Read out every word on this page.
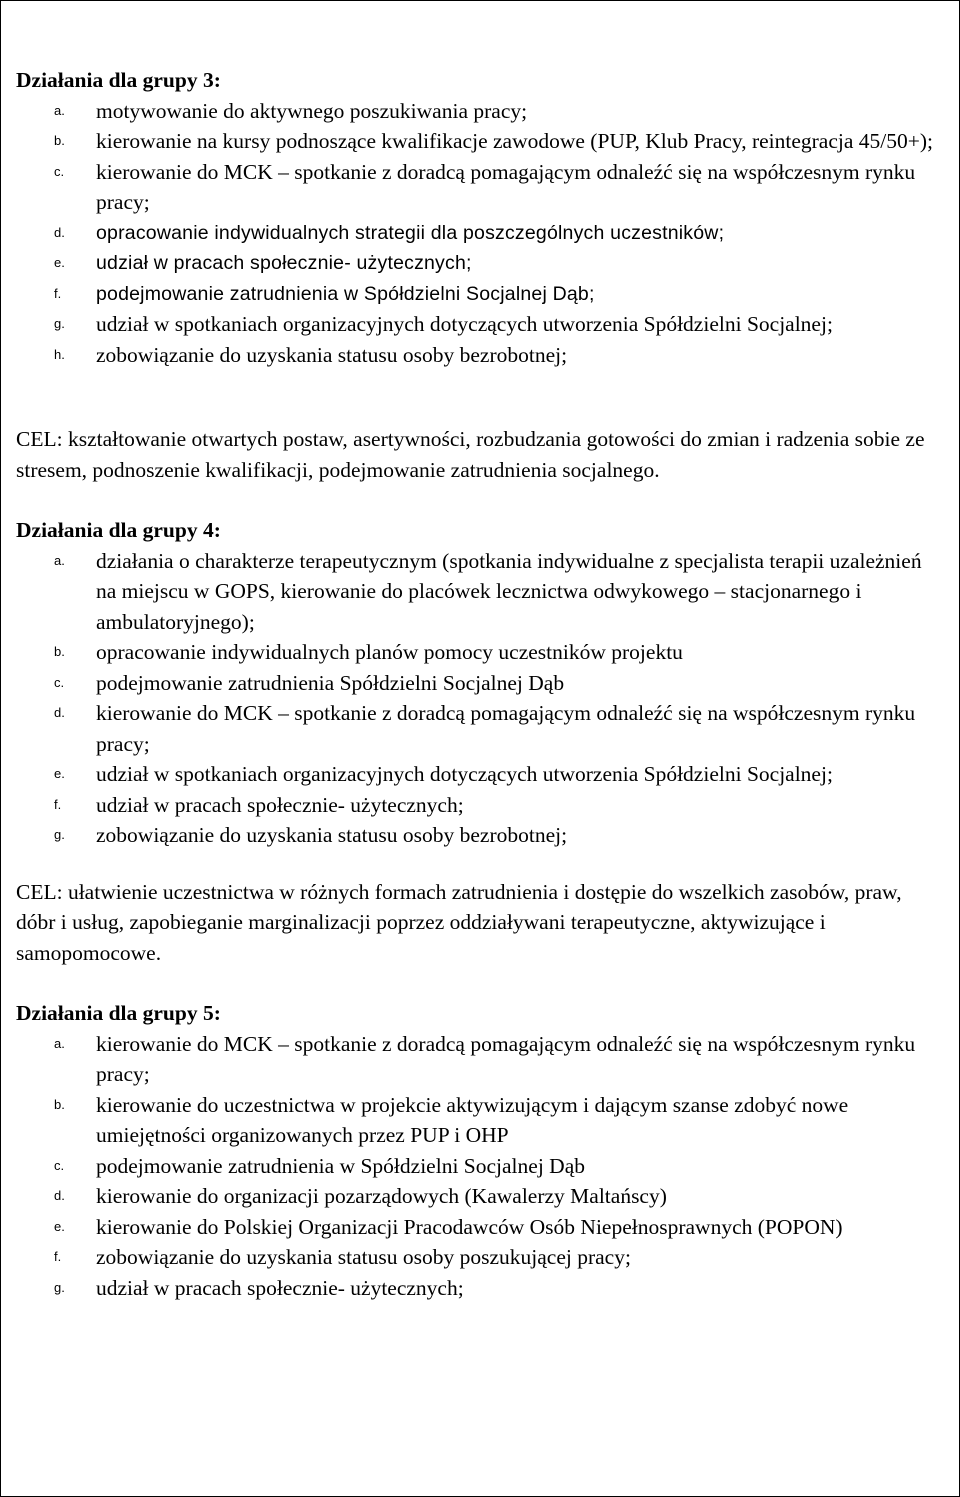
Działania dla grupy 3:

a.	motywowanie do aktywnego poszukiwania pracy;
b.	kierowanie na kursy podnoszące kwalifikacje zawodowe (PUP, Klub Pracy, reintegracja 45/50+);
c.	kierowanie do MCK – spotkanie z doradcą pomagającym odnaleźć się na współczesnym rynku pracy;
d.	opracowanie indywidualnych strategii dla poszczególnych uczestników;
e.	udział w pracach społecznie- użytecznych;
f.	podejmowanie zatrudnienia w Spółdzielni Socjalnej Dąb;
g.	udział w spotkaniach organizacyjnych dotyczących utworzenia Spółdzielni Socjalnej;
h.	zobowiązanie do uzyskania statusu osoby bezrobotnej;

CEL: kształtowanie otwartych postaw, asertywności, rozbudzania gotowości do zmian i radzenia sobie ze stresem, podnoszenie kwalifikacji, podejmowanie zatrudnienia socjalnego.

Działania dla grupy 4:

a.	działania o charakterze terapeutycznym (spotkania indywidualne z specjalista terapii uzależnień na miejscu w GOPS, kierowanie do placówek lecznictwa odwykowego – stacjonarnego i ambulatoryjnego);
b.	opracowanie indywidualnych planów pomocy uczestników projektu
c.	podejmowanie zatrudnienia Spółdzielni Socjalnej Dąb
d.	kierowanie do MCK – spotkanie z doradcą pomagającym odnaleźć się na współczesnym rynku pracy;
e.	udział w spotkaniach organizacyjnych dotyczących utworzenia Spółdzielni Socjalnej;
f.	udział w pracach społecznie- użytecznych;
g.	zobowiązanie do uzyskania statusu osoby bezrobotnej;

CEL: ułatwienie uczestnictwa w różnych formach zatrudnienia i dostępie do wszelkich zasobów, praw, dóbr i usług, zapobieganie marginalizacji poprzez oddziaływani terapeutyczne, aktywizujące i samopomocowe.

Działania dla grupy 5:

a.	kierowanie do MCK – spotkanie z doradcą pomagającym odnaleźć się na współczesnym rynku pracy;
b.	kierowanie do uczestnictwa w projekcie aktywizującym i dającym szanse zdobyć nowe umiejętności organizowanych przez PUP i OHP
c.	podejmowanie zatrudnienia w Spółdzielni Socjalnej Dąb
d.	kierowanie do organizacji pozarządowych (Kawalerzy Maltańscy)
e.	kierowanie do Polskiej Organizacji Pracodawców Osób Niepełnosprawnych (POPON)
f.	zobowiązanie do uzyskania statusu osoby poszukującej pracy;
g.	udział w pracach społecznie- użytecznych;
